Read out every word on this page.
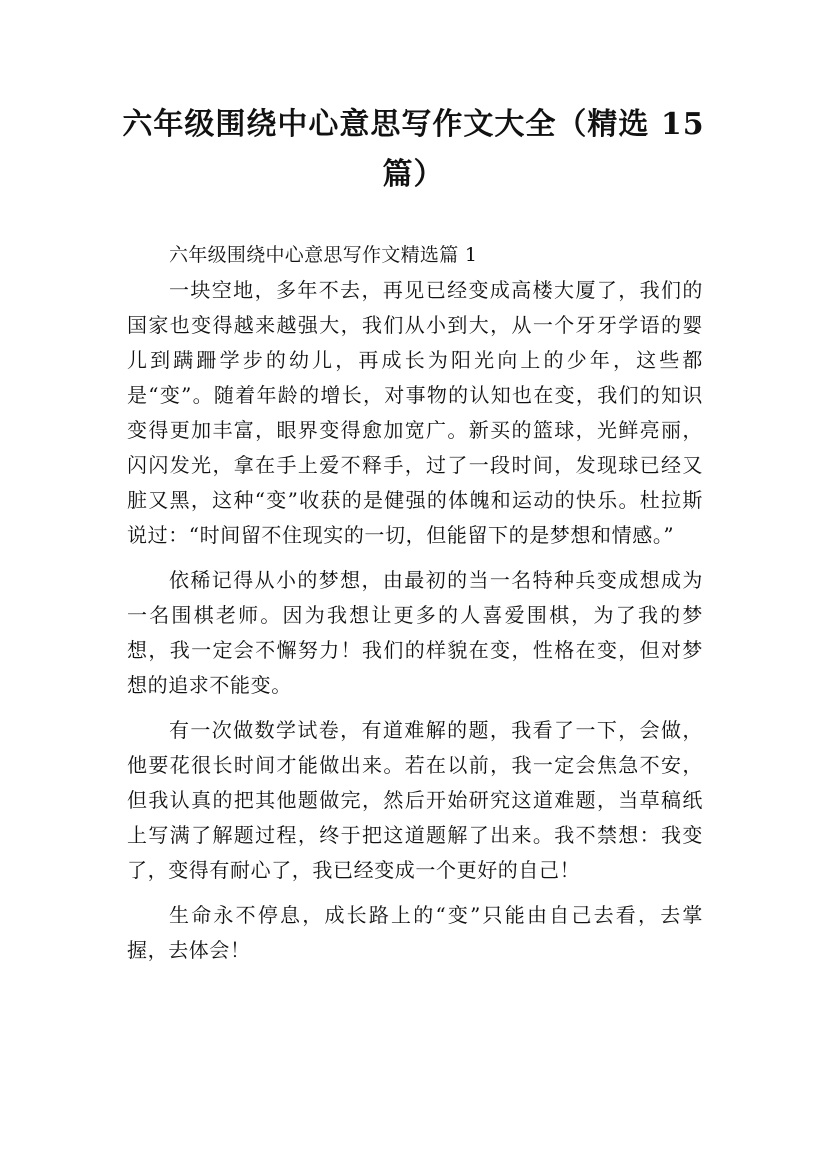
六年级围绕中心意思写作文大全（精选 15 篇）

六年级围绕中心意思写作文精选篇 1

一块空地，多年不去，再见已经变成高楼大厦了，我们的国家也变得越来越强大，我们从小到大，从一个牙牙学语的婴儿到蹒跚学步的幼儿，再成长为阳光向上的少年，这些都是“变”。随着年龄的增长，对事物的认知也在变，我们的知识变得更加丰富，眼界变得愈加宽广。新买的篮球，光鲜亮丽，闪闪发光，拿在手上爱不释手，过了一段时间，发现球已经又脏又黑，这种“变”收获的是健强的体魄和运动的快乐。杜拉斯说过：“时间留不住现实的一切，但能留下的是梦想和情感。”

依稀记得从小的梦想，由最初的当一名特种兵变成想成为一名围棋老师。因为我想让更多的人喜爱围棋，为了我的梦想，我一定会不懈努力！我们的样貌在变，性格在变，但对梦想的追求不能变。

有一次做数学试卷，有道难解的题，我看了一下，会做，他要花很长时间才能做出来。若在以前，我一定会焦急不安，但我认真的把其他题做完，然后开始研究这道难题，当草稿纸上写满了解题过程，终于把这道题解了出来。我不禁想：我变了，变得有耐心了，我已经变成一个更好的自己！

生命永不停息，成长路上的“变”只能由自己去看，去掌握，去体会！
